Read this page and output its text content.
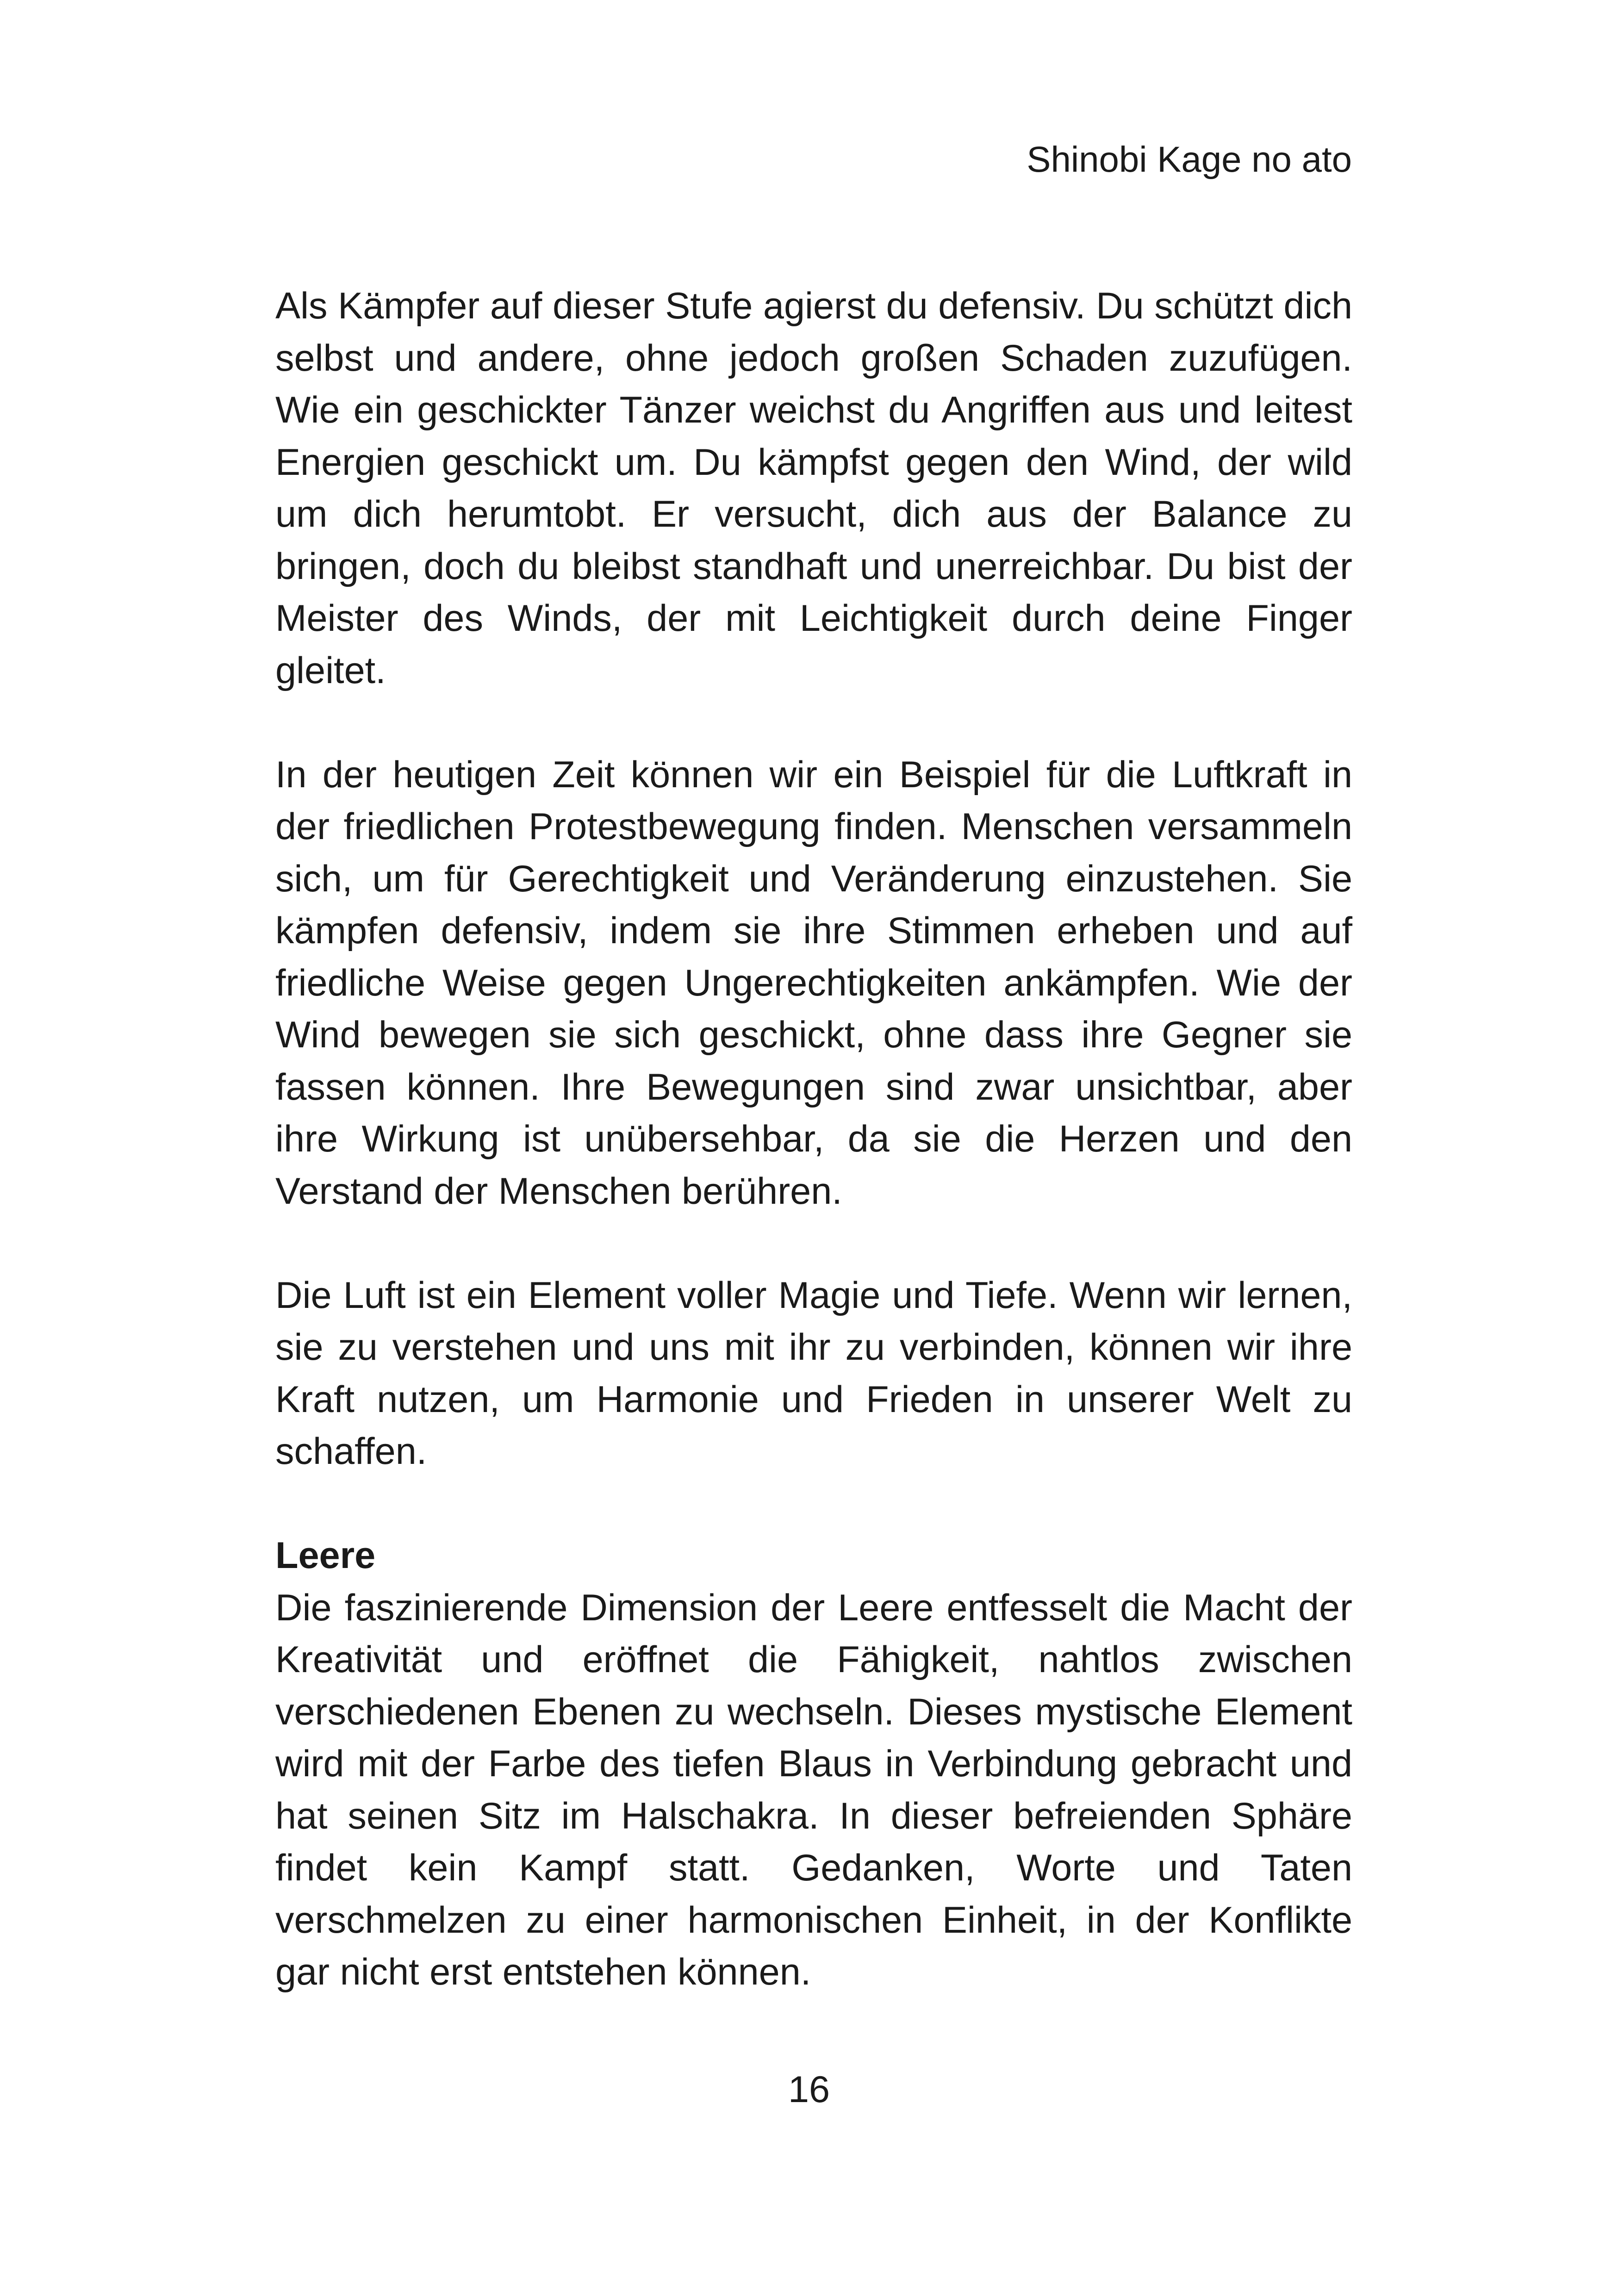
Shinobi Kage no ato

Als Kämpfer auf dieser Stufe agierst du defensiv. Du schützt dich selbst und andere, ohne jedoch großen Schaden zuzufügen. Wie ein geschickter Tänzer weichst du Angriffen aus und leitest Energien geschickt um. Du kämpfst gegen den Wind, der wild um dich herumtobt. Er versucht, dich aus der Balance zu bringen, doch du bleibst standhaft und unerreichbar. Du bist der Meister des Winds, der mit Leichtigkeit durch deine Finger gleitet.

In der heutigen Zeit können wir ein Beispiel für die Luftkraft in der friedlichen Protestbewegung finden. Menschen versammeln sich, um für Gerechtigkeit und Veränderung einzustehen. Sie kämpfen defensiv, indem sie ihre Stimmen erheben und auf friedliche Weise gegen Ungerechtigkeiten ankämpfen. Wie der Wind bewegen sie sich geschickt, ohne dass ihre Gegner sie fassen können. Ihre Bewegungen sind zwar unsichtbar, aber ihre Wirkung ist unübersehbar, da sie die Herzen und den Verstand der Menschen berühren.

Die Luft ist ein Element voller Magie und Tiefe. Wenn wir lernen, sie zu verstehen und uns mit ihr zu verbinden, können wir ihre Kraft nutzen, um Harmonie und Frieden in unserer Welt zu schaffen.

Leere

Die faszinierende Dimension der Leere entfesselt die Macht der Kreativität und eröffnet die Fähigkeit, nahtlos zwischen verschiedenen Ebenen zu wechseln. Dieses mystische Element wird mit der Farbe des tiefen Blaus in Verbindung gebracht und hat seinen Sitz im Halschakra. In dieser befreienden Sphäre findet kein Kampf statt. Gedanken, Worte und Taten verschmelzen zu einer harmonischen Einheit, in der Konflikte gar nicht erst entstehen können.

16
